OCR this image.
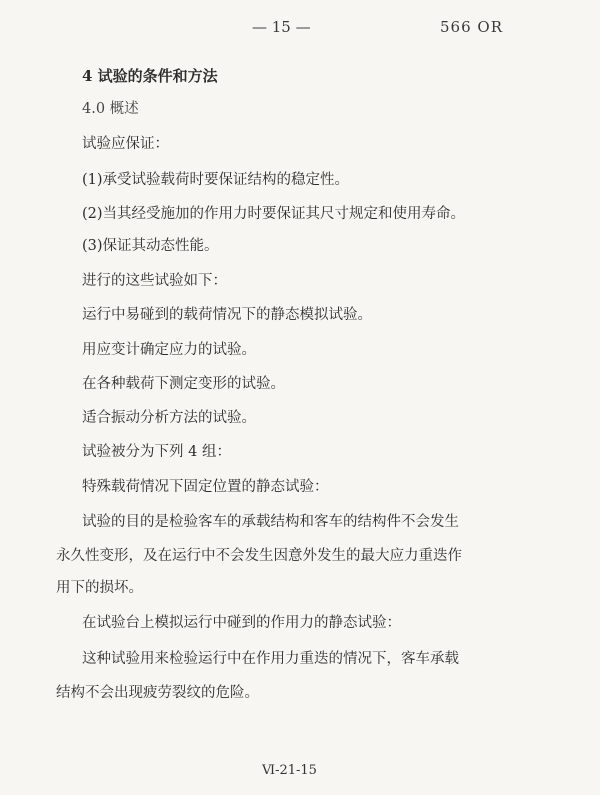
— 15 —	566 OR
4 试验的条件和方法
4.0 概述
试验应保证：
(1)承受试验载荷时要保证结构的稳定性。
(2)当其经受施加的作用力时要保证其尺寸规定和使用寿命。
(3)保证其动态性能。
进行的这些试验如下：
运行中易碰到的载荷情况下的静态模拟试验。
用应变计确定应力的试验。
在各种载荷下测定变形的试验。
适合振动分析方法的试验。
试验被分为下列 4 组：
特殊载荷情况下固定位置的静态试验：
试验的目的是检验客车的承载结构和客车的结构件不会发生
永久性变形，及在运行中不会发生因意外发生的最大应力重迭作
用下的损坏。
在试验台上模拟运行中碰到的作用力的静态试验：
这种试验用来检验运行中在作用力重迭的情况下，客车承载
结构不会出现疲劳裂纹的危险。
Ⅵ-21-15
